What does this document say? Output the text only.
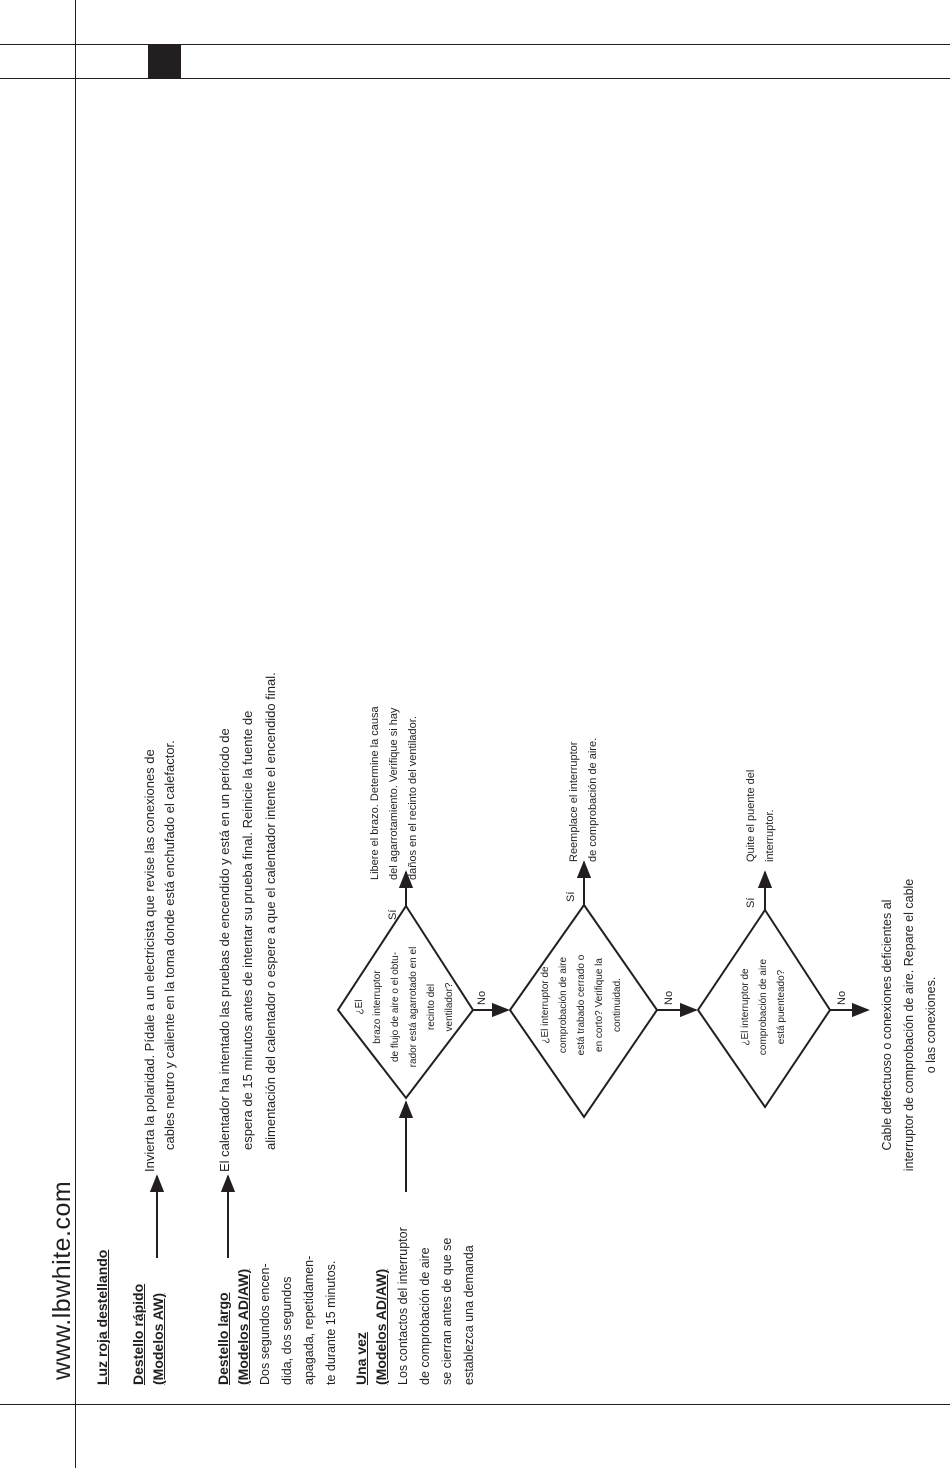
www.lbwhite.com Luz roja destellando Destello rápido (Modelos AW)
Invierta la polaridad. Pídale a un electricista que revise las conexiones de cables neutro y caliente en la toma donde está enchufado el calefactor.
Destello largo (Modelos AD/AW) Dos segundos encen- dida, dos segundos apagada, repetidamen- te durante 15 minutos.
El calentador ha intentado las pruebas de encendido y está en un período de espera de 15 minutos antes de intentar su prueba final. Reinicie la fuente de alimentación del calentador o espere a que el calentador intente el encendido final.
Una vez (Modelos AD/AW) Los contactos del interruptor de comprobación de aire se cierran antes de que se establezca una demanda
¿El brazo interruptor de flujo de aire o el obtu- rador está agarrotado en el recinto del ventilador?
Libere el brazo. Determine la causa del agarrotamiento. Verifique si hay daños en el recinto del ventilador.
Sí
No	¿El interruptor de comprobación de aire está trabado cerrado o en corto? Verifique la continuidad.
Reemplace el interruptor de comprobación de aire.
Sí
No	¿El interruptor de comprobación de aire está puenteado?
Quite el puente del interruptor.
Sí
No	Cable defectuoso o conexiones deficientes al interruptor de comprobación de aire. Repare el cable o las conexiones.
